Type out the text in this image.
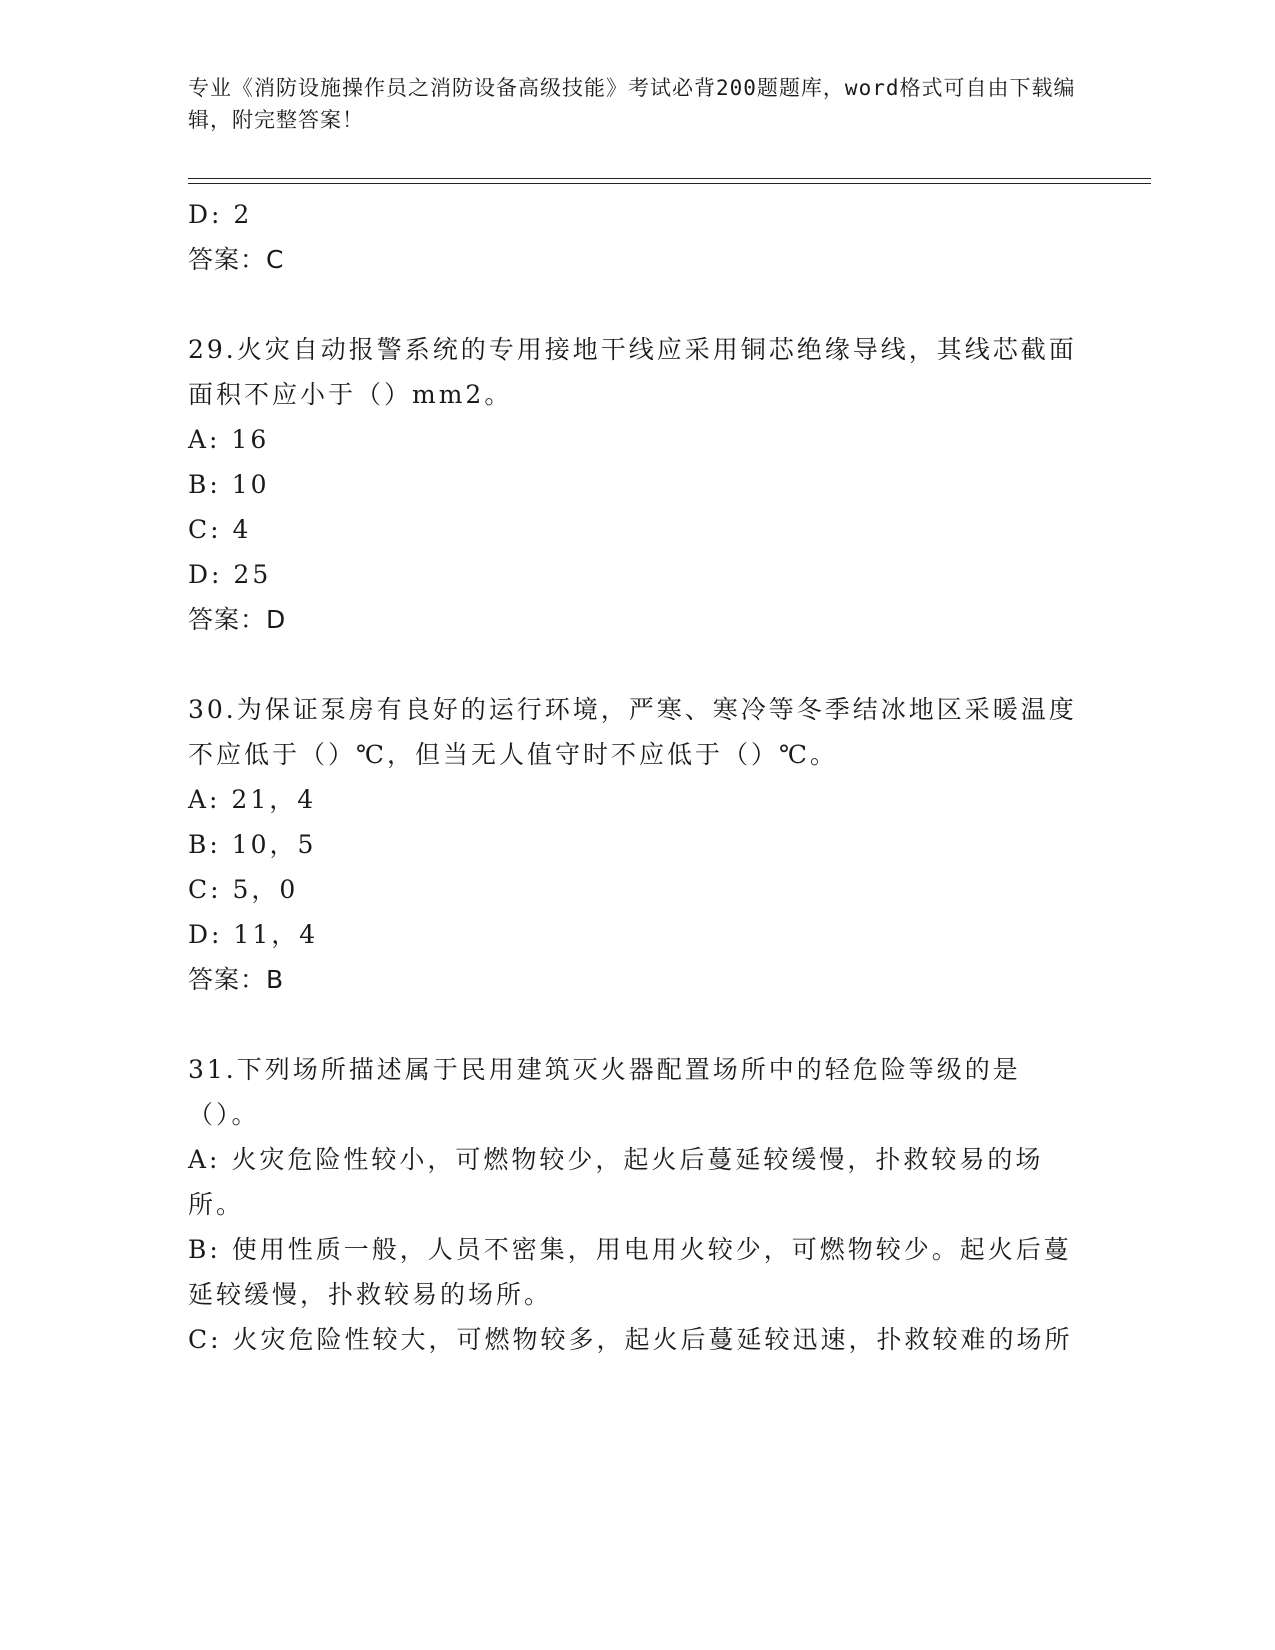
专业《消防设施操作员之消防设备高级技能》考试必背200题题库，word格式可自由下载编辑，附完整答案！
D: 2
答案：C
29.火灾自动报警系统的专用接地干线应采用铜芯绝缘导线，其线芯截面面积不应小于（）mm2。
A: 16
B: 10
C: 4
D: 25
答案：D
30.为保证泵房有良好的运行环境，严寒、寒冷等冬季结冰地区采暖温度不应低于（）℃，但当无人值守时不应低于（）℃。
A: 21，4
B: 10，5
C: 5，0
D: 11，4
答案：B
31.下列场所描述属于民用建筑灭火器配置场所中的轻危险等级的是（）。
A: 火灾危险性较小，可燃物较少，起火后蔓延较缓慢，扑救较易的场所。
B: 使用性质一般，人员不密集，用电用火较少，可燃物较少。起火后蔓延较缓慢，扑救较易的场所。
C: 火灾危险性较大，可燃物较多，起火后蔓延较迅速，扑救较难的场所
